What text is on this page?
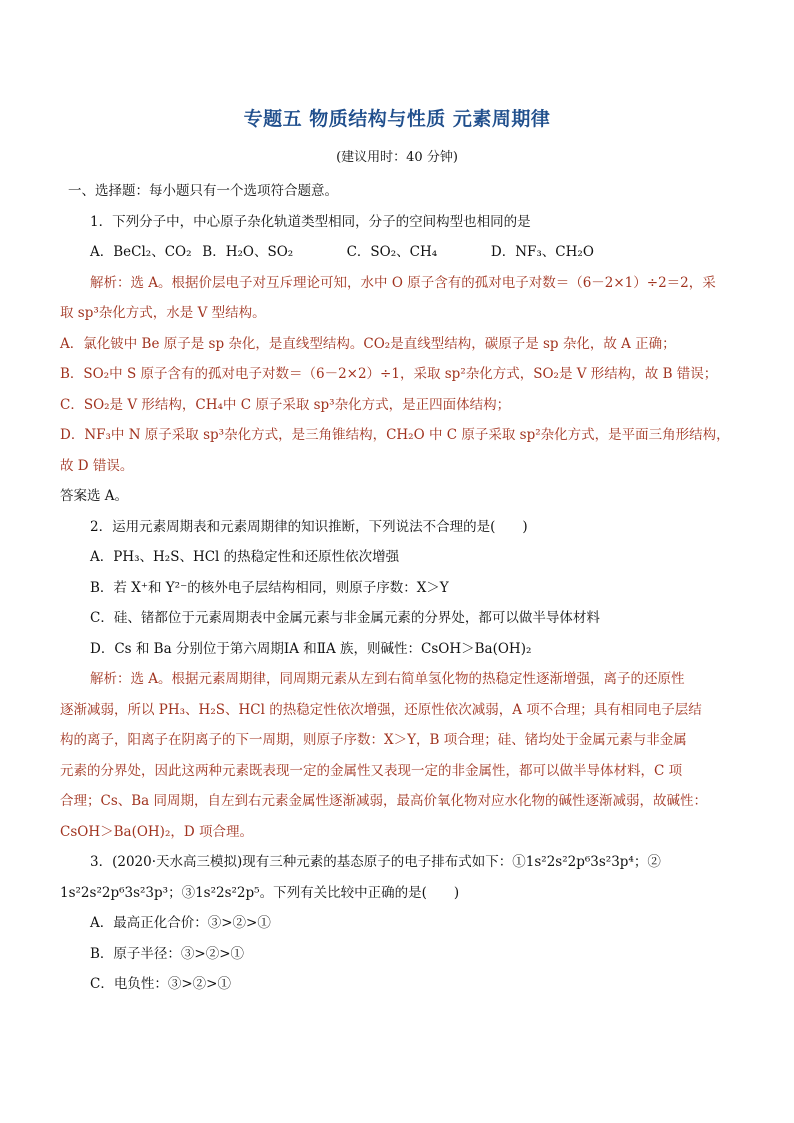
专题五 物质结构与性质 元素周期律
(建议用时：40 分钟)
一、选择题：每小题只有一个选项符合题意。
1．下列分子中，中心原子杂化轨道类型相同，分子的空间构型也相同的是
A．BeCl₂、CO₂ B．H₂O、SO₂	C．SO₂、CH₄	D．NF₃、CH₂O
解析：选 A。根据价层电子对互斥理论可知，水中 O 原子含有的孤对电子对数＝（6－2×1）÷2＝2，采
取 sp³杂化方式，水是 V 型结构。
A．氯化铍中 Be 原子是 sp 杂化，是直线型结构。CO₂是直线型结构，碳原子是 sp 杂化，故 A 正确；
B．SO₂中 S 原子含有的孤对电子对数＝（6－2×2）÷1，采取 sp²杂化方式，SO₂是 V 形结构，故 B 错误；
C．SO₂是 V 形结构，CH₄中 C 原子采取 sp³杂化方式，是正四面体结构；
D．NF₃中 N 原子采取 sp³杂化方式，是三角锥结构，CH₂O 中 C 原子采取 sp²杂化方式，是平面三角形结构，
故 D 错误。
答案选 A。
2．运用元素周期表和元素周期律的知识推断，下列说法不合理的是(　　)
A．PH₃、H₂S、HCl 的热稳定性和还原性依次增强
B．若 X⁺和 Y²⁻的核外电子层结构相同，则原子序数：X＞Y
C．硅、锗都位于元素周期表中金属元素与非金属元素的分界处，都可以做半导体材料
D．Cs 和 Ba 分别位于第六周期ⅠA 和ⅡA 族，则碱性：CsOH＞Ba(OH)₂
解析：选 A。根据元素周期律，同周期元素从左到右简单氢化物的热稳定性逐渐增强，离子的还原性
逐渐减弱，所以 PH₃、H₂S、HCl 的热稳定性依次增强，还原性依次减弱，A 项不合理；具有相同电子层结
构的离子，阳离子在阴离子的下一周期，则原子序数：X＞Y，B 项合理；硅、锗均处于金属元素与非金属
元素的分界处，因此这两种元素既表现一定的金属性又表现一定的非金属性，都可以做半导体材料，C 项
合理；Cs、Ba 同周期，自左到右元素金属性逐渐减弱，最高价氧化物对应水化物的碱性逐渐减弱，故碱性：
CsOH＞Ba(OH)₂，D 项合理。
3．(2020·天水高三模拟)现有三种元素的基态原子的电子排布式如下：①1s²2s²2p⁶3s²3p⁴；②
1s²2s²2p⁶3s²3p³；③1s²2s²2p⁵。下列有关比较中正确的是(　　)
A．最高正化合价：③>②>①
B．原子半径：③>②>①
C．电负性：③>②>①
